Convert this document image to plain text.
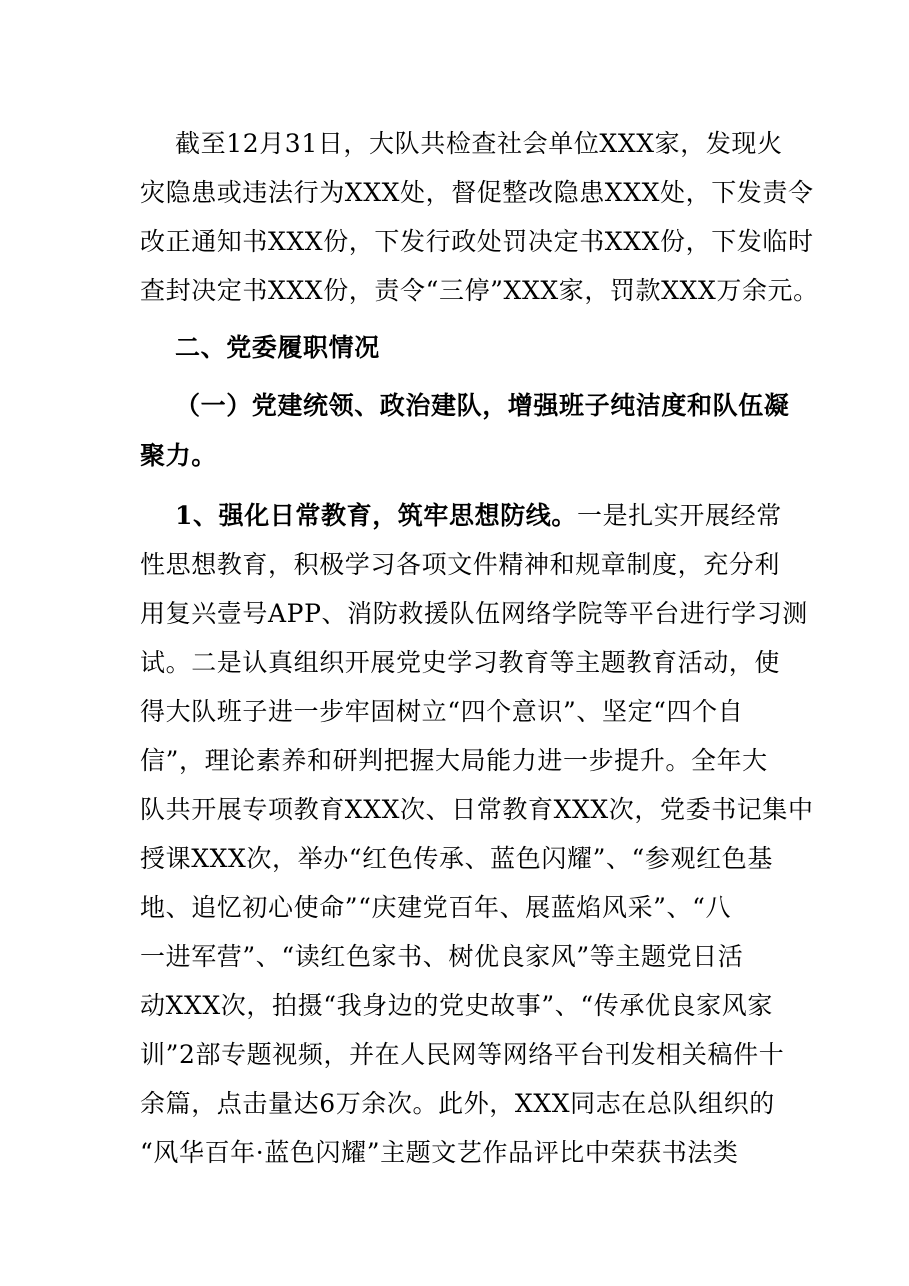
截至12月31日，大队共检查社会单位XXX家，发现火
灾隐患或违法行为XXX处，督促整改隐患XXX处，下发责令
改正通知书XXX份，下发行政处罚决定书XXX份，下发临时
查封决定书XXX份，责令“三停”XXX家，罚款XXX万余元。
二、党委履职情况
（一）党建统领、政治建队，增强班子纯洁度和队伍凝
聚力。
1、强化日常教育，筑牢思想防线。一是扎实开展经常
性思想教育，积极学习各项文件精神和规章制度，充分利
用复兴壹号APP、消防救援队伍网络学院等平台进行学习测
试。二是认真组织开展党史学习教育等主题教育活动，使
得大队班子进一步牢固树立“四个意识”、坚定“四个自
信”，理论素养和研判把握大局能力进一步提升。全年大
队共开展专项教育XXX次、日常教育XXX次，党委书记集中
授课XXX次，举办“红色传承、蓝色闪耀”、“参观红色基
地、追忆初心使命”“庆建党百年、展蓝焰风采”、“八
一进军营”、“读红色家书、树优良家风”等主题党日活
动XXX次，拍摄“我身边的党史故事”、“传承优良家风家
训”2部专题视频，并在人民网等网络平台刊发相关稿件十
余篇，点击量达6万余次。此外，XXX同志在总队组织的
“风华百年·蓝色闪耀”主题文艺作品评比中荣获书法类
